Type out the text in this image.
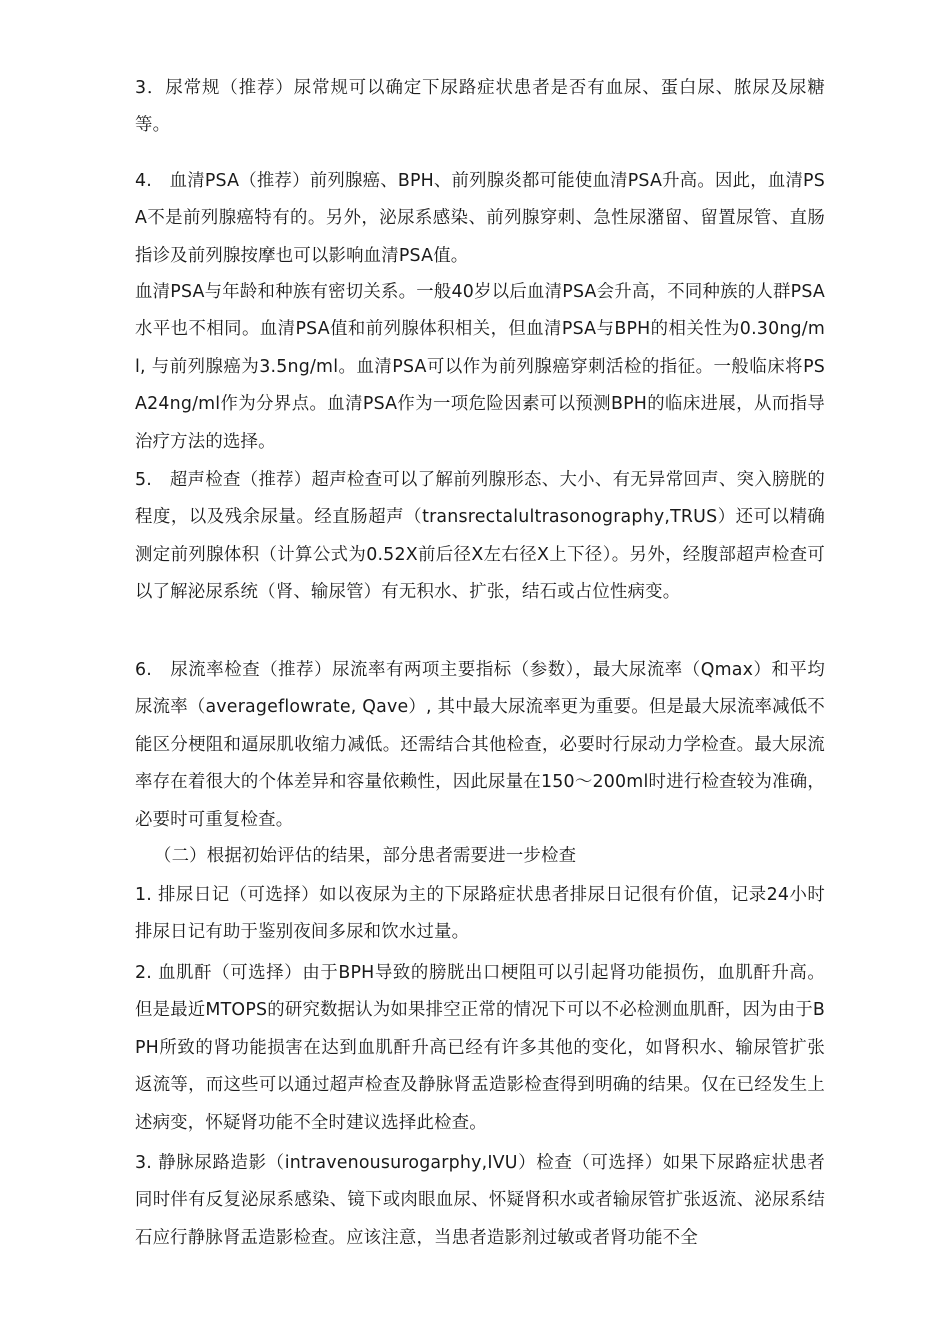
3．尿常规（推荐）尿常规可以确定下尿路症状患者是否有血尿、蛋白尿、脓尿及尿糖等。

4.　血清PSA（推荐）前列腺癌、BPH、前列腺炎都可能使血清PSA升高。因此，血清PSA不是前列腺癌特有的。另外，泌尿系感染、前列腺穿刺、急性尿潴留、留置尿管、直肠指诊及前列腺按摩也可以影响血清PSA值。

血清PSA与年龄和种族有密切关系。一般40岁以后血清PSA会升高，不同种族的人群PSA水平也不相同。血清PSA值和前列腺体积相关，但血清PSA与BPH的相关性为0.30ng/ml, 与前列腺癌为3.5ng/ml。血清PSA可以作为前列腺癌穿刺活检的指征。一般临床将PSA24ng/ml作为分界点。血清PSA作为一项危险因素可以预测BPH的临床进展，从而指导治疗方法的选择。

5.　超声检查（推荐）超声检查可以了解前列腺形态、大小、有无异常回声、突入膀胱的程度，以及残余尿量。经直肠超声（transrectalultrasonography,TRUS）还可以精确测定前列腺体积（计算公式为0.52X前后径X左右径X上下径）。另外，经腹部超声检查可以了解泌尿系统（肾、输尿管）有无积水、扩张，结石或占位性病变。

6.　尿流率检查（推荐）尿流率有两项主要指标（参数），最大尿流率（Qmax）和平均尿流率（averageflowrate, Qave）, 其中最大尿流率更为重要。但是最大尿流率减低不能区分梗阻和逼尿肌收缩力减低。还需结合其他检查，必要时行尿动力学检查。最大尿流率存在着很大的个体差异和容量依赖性，因此尿量在150〜200ml时进行检查较为准确，必要时可重复检查。

（二）根据初始评估的结果，部分患者需要进一步检查

1. 排尿日记（可选择）如以夜尿为主的下尿路症状患者排尿日记很有价值，记录24小时排尿日记有助于鉴别夜间多尿和饮水过量。

2. 血肌酐（可选择）由于BPH导致的膀胱出口梗阻可以引起肾功能损伤，血肌酐升高。但是最近MTOPS的研究数据认为如果排空正常的情况下可以不必检测血肌酐，因为由于BPH所致的肾功能损害在达到血肌酐升高已经有许多其他的变化，如肾积水、输尿管扩张返流等，而这些可以通过超声检查及静脉肾盂造影检查得到明确的结果。仅在已经发生上述病变，怀疑肾功能不全时建议选择此检查。

3. 静脉尿路造影（intravenousurogarphy,IVU）检查（可选择）如果下尿路症状患者同时伴有反复泌尿系感染、镜下或肉眼血尿、怀疑肾积水或者输尿管扩张返流、泌尿系结石应行静脉肾盂造影检查。应该注意，当患者造影剂过敏或者肾功能不全
